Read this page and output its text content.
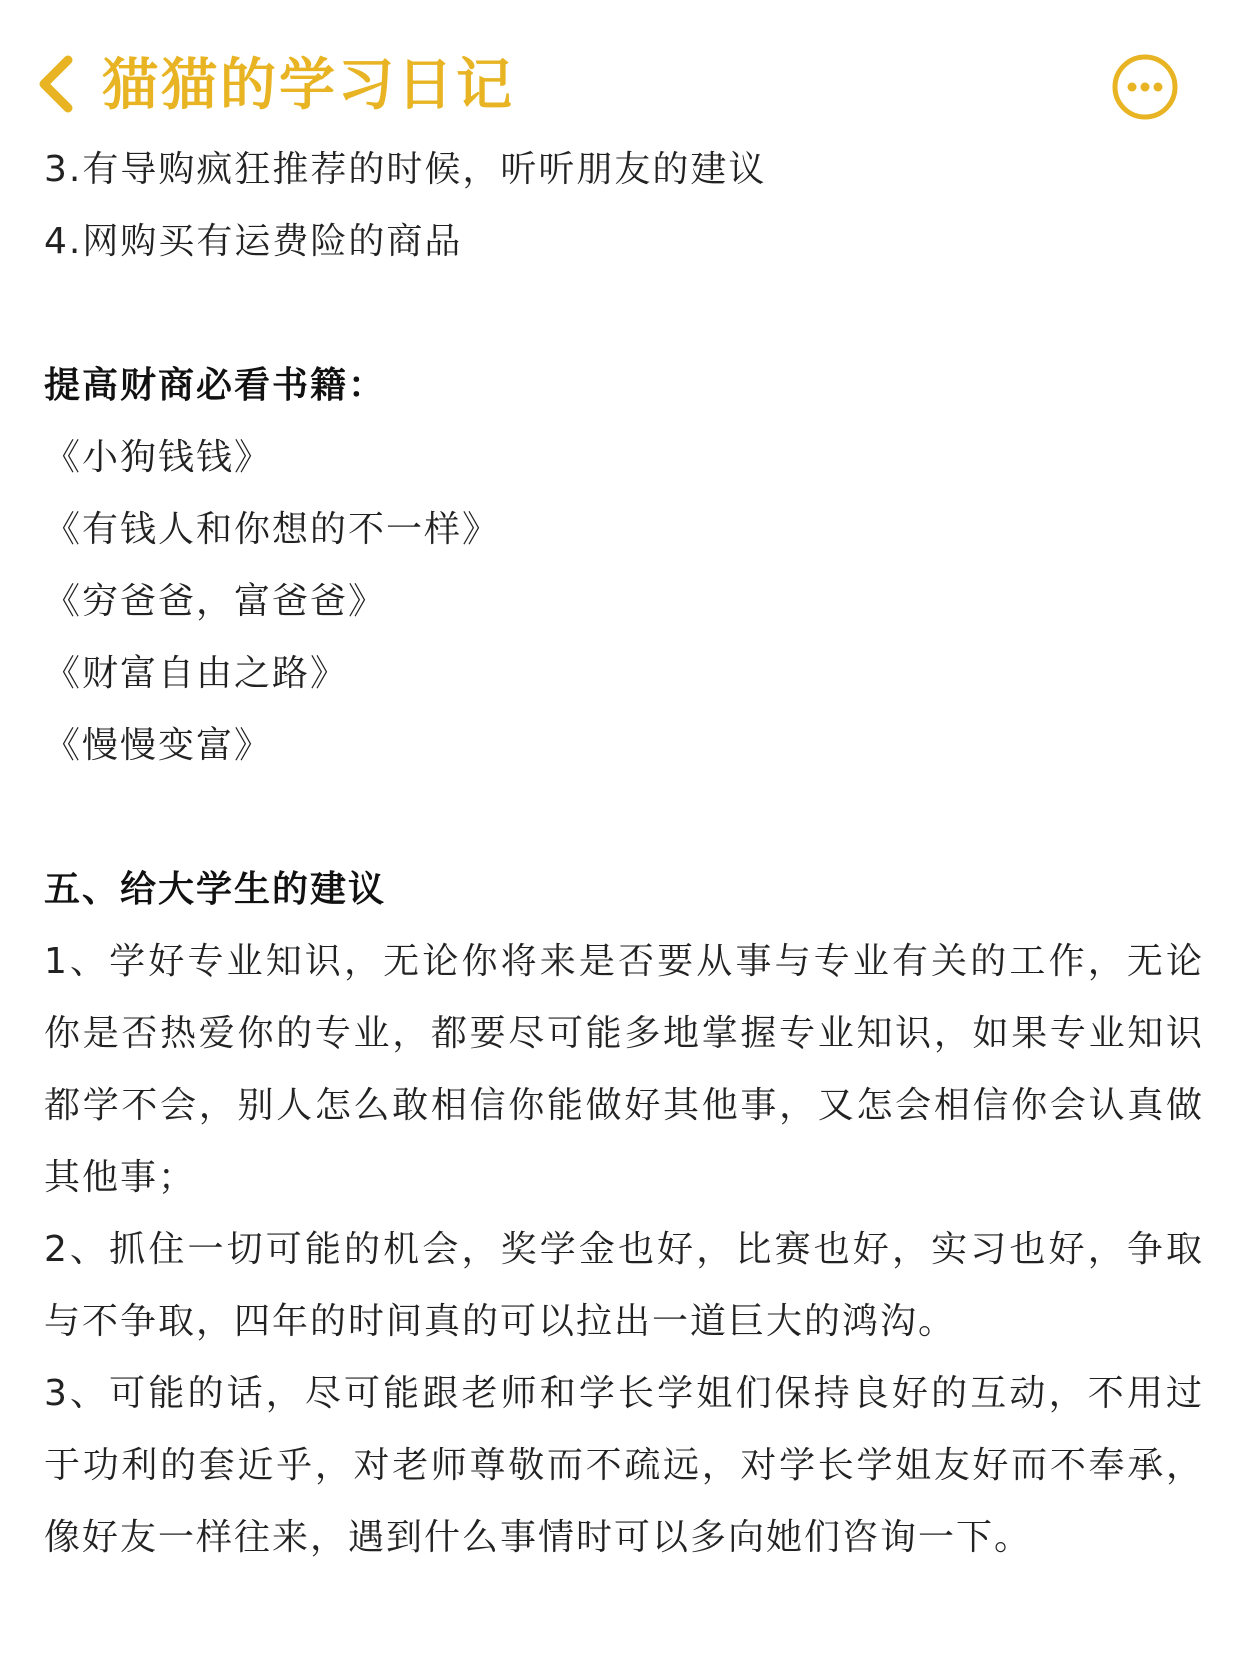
猫猫的学习日记
3.有导购疯狂推荐的时候，听听朋友的建议
4.网购买有运费险的商品
提高财商必看书籍：
《小狗钱钱》
《有钱人和你想的不一样》
《穷爸爸，富爸爸》
《财富自由之路》
《慢慢变富》
五、给大学生的建议
1、学好专业知识，无论你将来是否要从事与专业有关的工作，无论你是否热爱你的专业，都要尽可能多地掌握专业知识，如果专业知识都学不会，别人怎么敢相信你能做好其他事，又怎会相信你会认真做其他事；
2、抓住一切可能的机会，奖学金也好，比赛也好，实习也好，争取与不争取，四年的时间真的可以拉出一道巨大的鸿沟。
3、可能的话，尽可能跟老师和学长学姐们保持良好的互动，不用过于功利的套近乎，对老师尊敬而不疏远，对学长学姐友好而不奉承，像好友一样往来，遇到什么事情时可以多向她们咨询一下。
